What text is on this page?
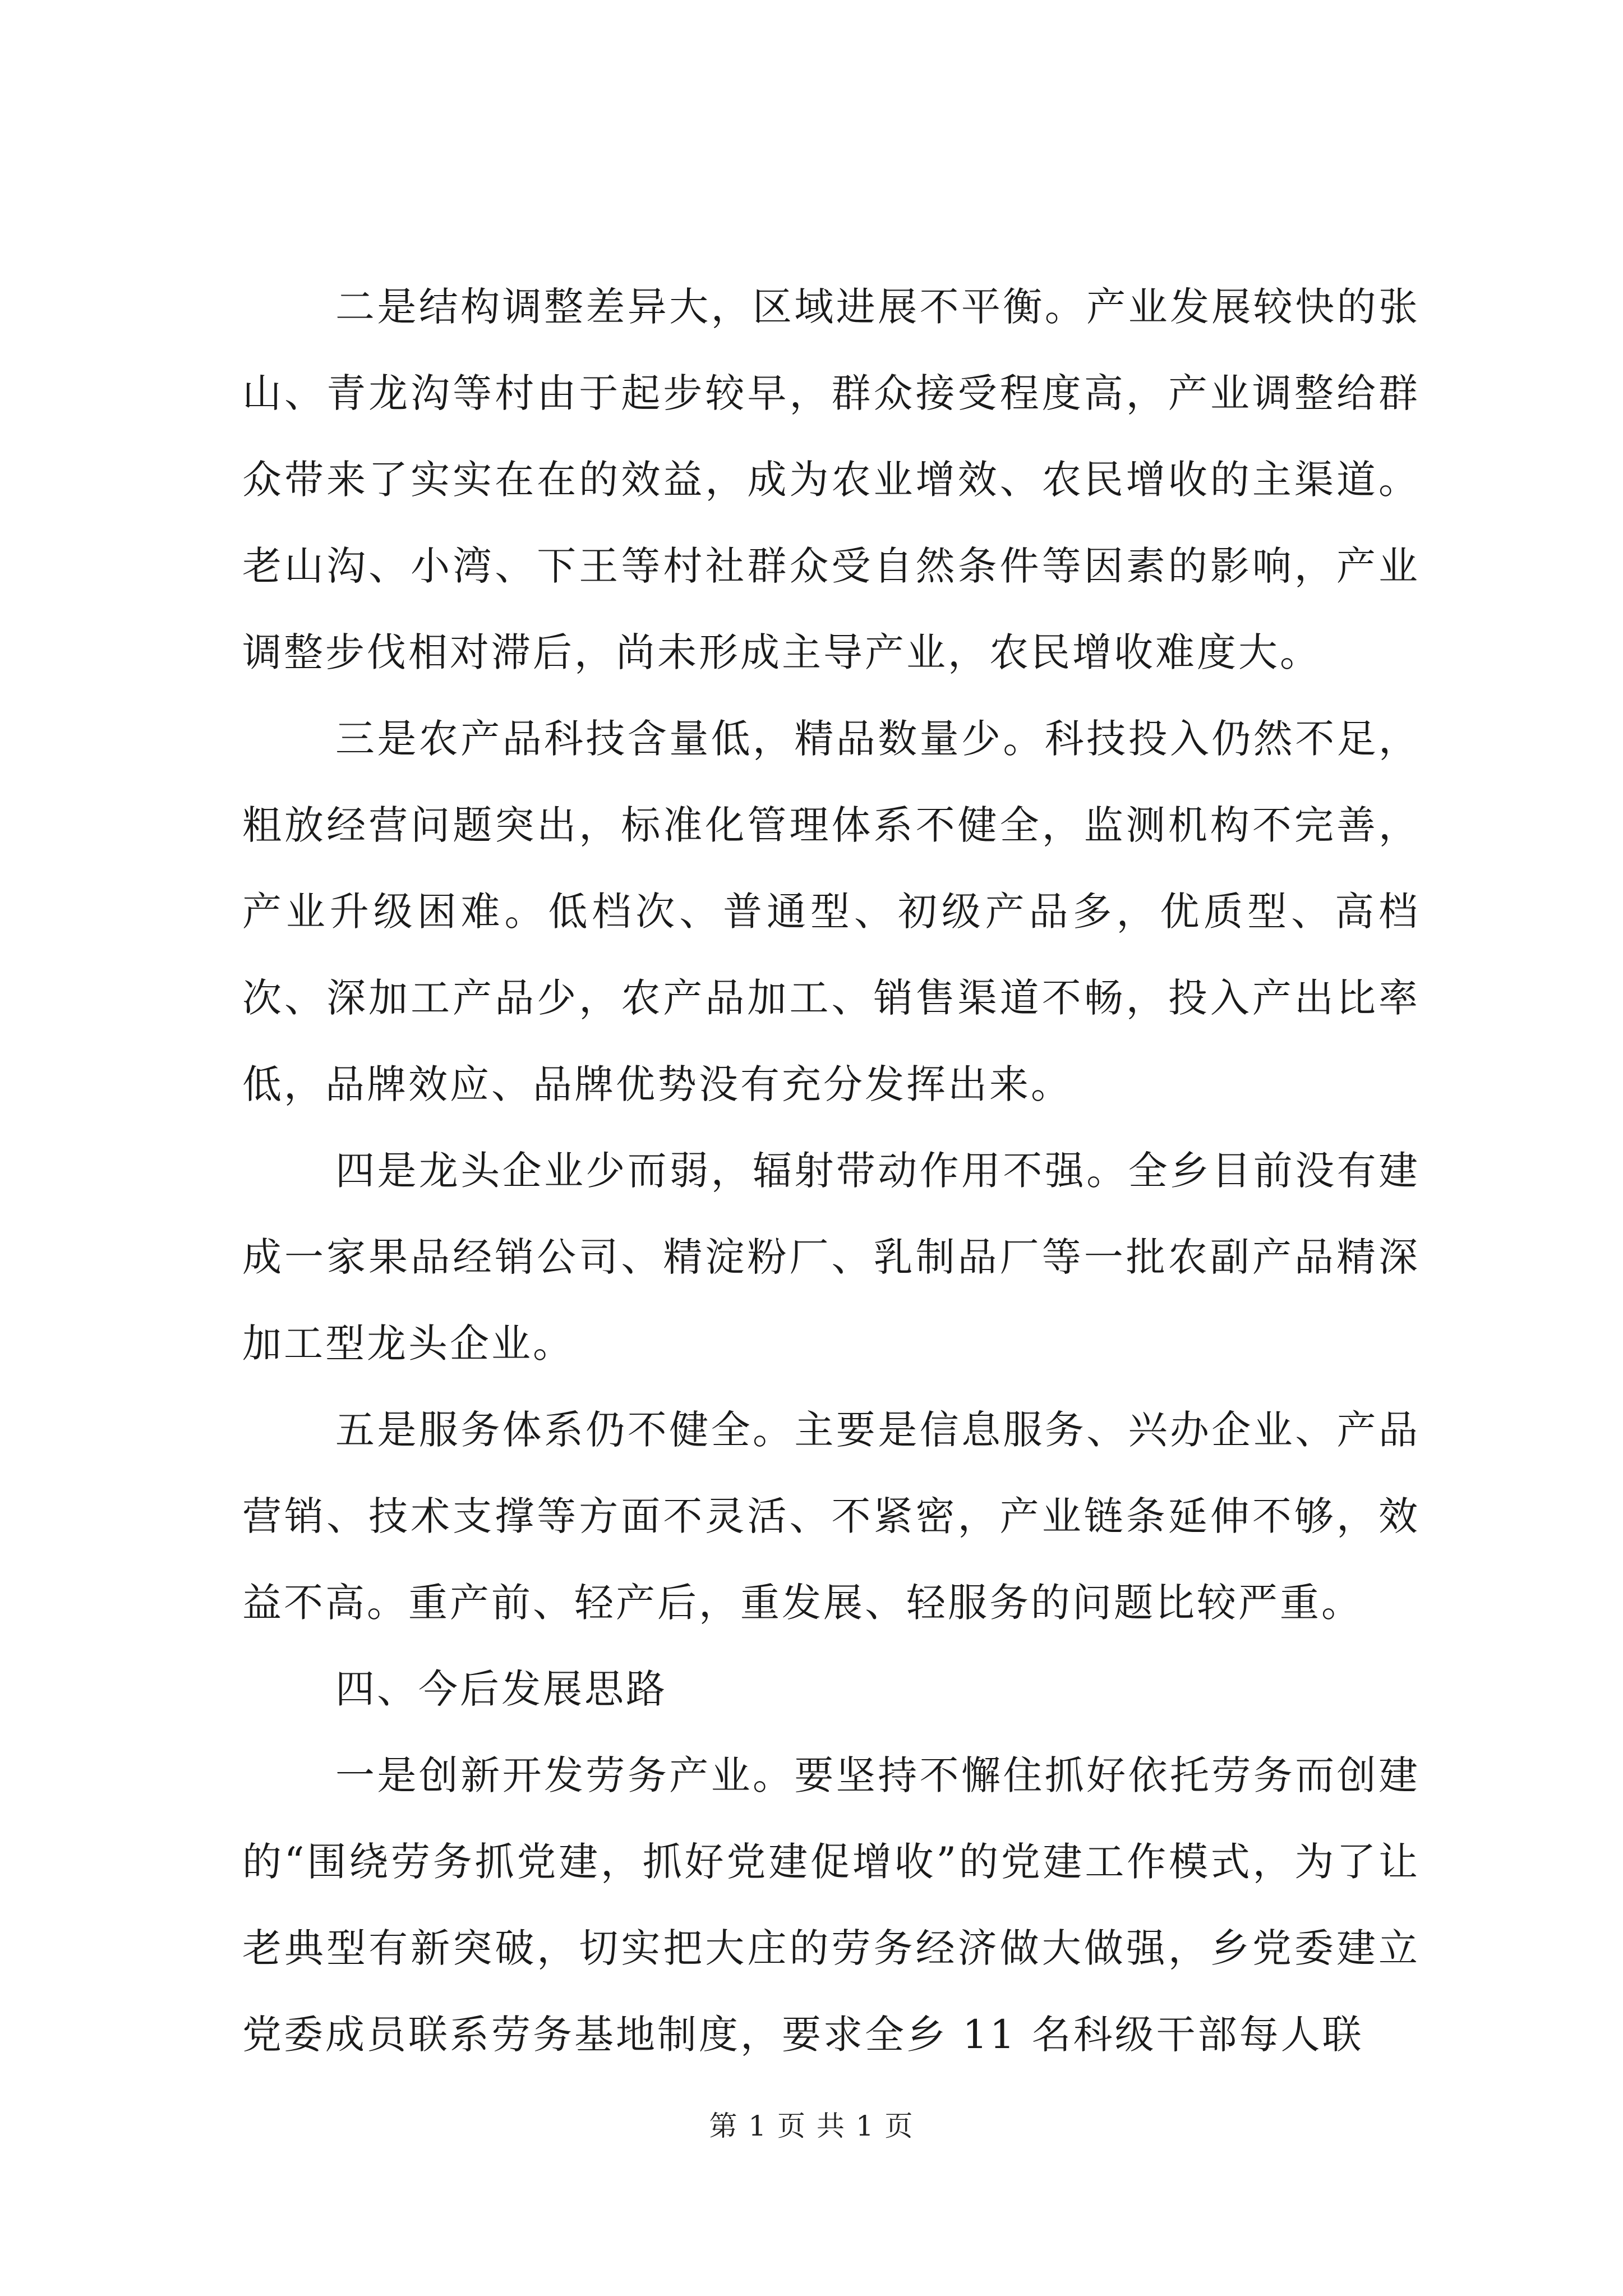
二是结构调整差异大，区域进展不平衡。产业发展较快的张山、青龙沟等村由于起步较早，群众接受程度高，产业调整给群众带来了实实在在的效益，成为农业增效、农民增收的主渠道。老山沟、小湾、下王等村社群众受自然条件等因素的影响，产业调整步伐相对滞后，尚未形成主导产业，农民增收难度大。

三是农产品科技含量低，精品数量少。科技投入仍然不足，粗放经营问题突出，标准化管理体系不健全，监测机构不完善，产业升级困难。低档次、普通型、初级产品多，优质型、高档次、深加工产品少，农产品加工、销售渠道不畅，投入产出比率低，品牌效应、品牌优势没有充分发挥出来。

四是龙头企业少而弱，辐射带动作用不强。全乡目前没有建成一家果品经销公司、精淀粉厂、乳制品厂等一批农副产品精深加工型龙头企业。

五是服务体系仍不健全。主要是信息服务、兴办企业、产品营销、技术支撑等方面不灵活、不紧密，产业链条延伸不够，效益不高。重产前、轻产后，重发展、轻服务的问题比较严重。

四、今后发展思路

一是创新开发劳务产业。要坚持不懈住抓好依托劳务而创建的“围绕劳务抓党建，抓好党建促增收”的党建工作模式，为了让老典型有新突破，切实把大庄的劳务经济做大做强，乡党委建立党委成员联系劳务基地制度，要求全乡 11 名科级干部每人联

第 1 页 共 1 页
